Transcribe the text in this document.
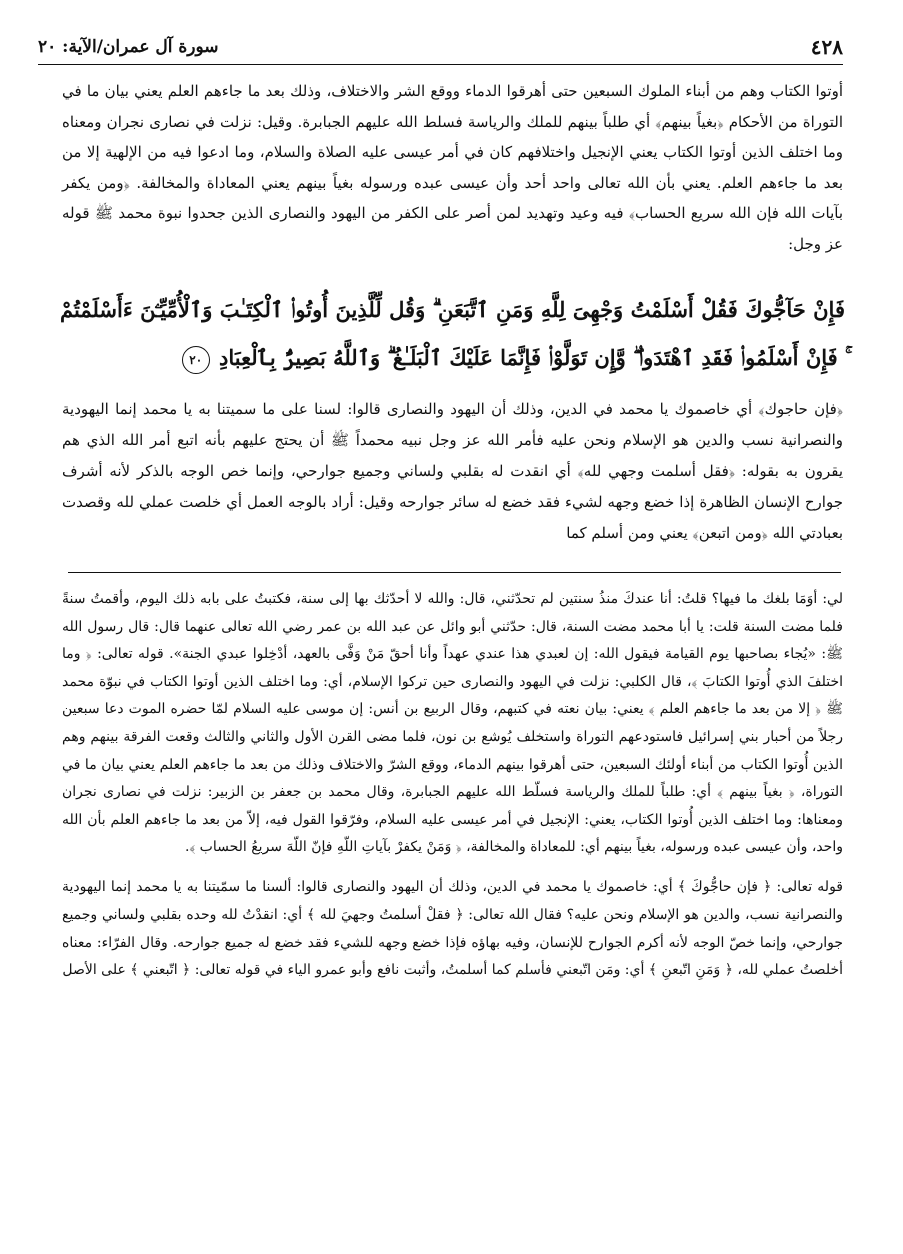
٤٢٨
سورة آل عمران/الآية: ٢٠

أوتوا الكتاب وهم من أبناء الملوك السبعين حتى أهرقوا الدماء ووقع الشر والاختلاف، وذلك بعد ما جاءهم العلم يعني بيان ما في التوراة من الأحكام ﴿بغياً بينهم﴾ أي طلباً بينهم للملك والرياسة فسلط الله عليهم الجبابرة. وقيل: نزلت في نصارى نجران ومعناه وما اختلف الذين أوتوا الكتاب يعني الإنجيل واختلافهم كان في أمر عيسى عليه الصلاة والسلام، وما ادعوا فيه من الإلهية إلا من بعد ما جاءهم العلم. يعني بأن الله تعالى واحد أحد وأن عيسى عبده ورسوله بغياً بينهم يعني المعاداة والمخالفة. ﴿ومن يكفر بآيات الله فإن الله سريع الحساب﴾ فيه وعيد وتهديد لمن أصر على الكفر من اليهود والنصارى الذين جحدوا نبوة محمد ﷺ قوله عز وجل:

فَإِنْ حَآجُّوكَ فَقُلْ أَسْلَمْتُ وَجْهِىَ لِلَّهِ وَمَنِ ٱتَّبَعَنِ ۗ وَقُل لِّلَّذِينَ أُوتُوا۟ ٱلْكِتَـٰبَ وَٱلْأُمِّيِّـۧنَ ءَأَسْلَمْتُمْ ۚ فَإِنْ أَسْلَمُوا۟ فَقَدِ ٱهْتَدَوا۟ ۖ وَّإِن تَوَلَّوْا۟ فَإِنَّمَا عَلَيْكَ ٱلْبَلَـٰغُ ۗ وَٱللَّهُ بَصِيرٌۢ بِٱلْعِبَادِ ٢٠

﴿فإن حاجوك﴾ أي خاصموك يا محمد في الدين، وذلك أن اليهود والنصارى قالوا: لسنا على ما سميتنا به يا محمد إنما اليهودية والنصرانية نسب والدين هو الإسلام ونحن عليه فأمر الله عز وجل نبيه محمداً ﷺ أن يحتج عليهم بأنه اتبع أمر الله الذي هم يقرون به بقوله: ﴿فقل أسلمت وجهي لله﴾ أي انقدت له بقلبي ولساني وجميع جوارحي، وإنما خص الوجه بالذكر لأنه أشرف جوارح الإنسان الظاهرة إذا خضع وجهه لشيء فقد خضع له سائر جوارحه وقيل: أراد بالوجه العمل أي خلصت عملي لله وقصدت بعبادتي الله ﴿ومن اتبعن﴾ يعني ومن أسلم كما

لي: أوَمَا بلغك ما فيها؟ قلتُ: أنا عندكَ منذُ سنتين لم تحدّثني، قال: والله لا أحدّثك بها إلى سنة، فكتبتُ على بابه ذلك اليوم، وأقمتُ سنةً فلما مضت السنة قلت: يا أبا محمد مضت السنة، قال: حدّثني أبو وائل عن عبد الله بن عمر رضي الله تعالى عنهما قال: قال رسول الله ﷺ: «يُجاء بصاحبها يوم القيامة فيقول الله: إن لعبدي هذا عندي عهداً وأنا أحقّ مَنْ وَفَّى بالعهد، أدْخِلوا عبدي الجنة». قوله تعالى: ﴿ وما اختلفَ الذي أُوتوا الكتابَ ﴾، قال الكلبي: نزلت في اليهود والنصارى حين تركوا الإسلام، أي: وما اختلف الذين أوتوا الكتاب في نبوّة محمد ﷺ ﴿ إلا من بعد ما جاءهم العلم ﴾ يعني: بيان نعته في كتبهم، وقال الربيع بن أنس: إن موسى عليه السلام لمّا حضره الموت دعا سبعين رجلاً من أحبار بني إسرائيل فاستودعهم التوراة واستخلف يُوشع بن نون، فلما مضى القرن الأول والثاني والثالث وقعت الفرقة بينهم وهم الذين أُوتوا الكتاب من أبناء أولئك السبعين، حتى أهرقوا بينهم الدماء، ووقع الشرّ والاختلاف وذلك من بعد ما جاءهم العلم يعني بيان ما في التوراة، ﴿ بغياً بينهم ﴾ أي: طلباً للملك والرياسة فسلّط الله عليهم الجبابرة، وقال محمد بن جعفر بن الزبير: نزلت في نصارى نجران ومعناها: وما اختلف الذين أُوتوا الكتاب، يعني: الإنجيل في أمر عيسى عليه السلام، وفرّقوا القول فيه، إلاّ من بعد ما جاءهم العلم بأن الله واحد، وأن عيسى عبده ورسوله، بغياً بينهم أي: للمعاداة والمخالفة، ﴿ وَمَنْ يكفرْ بآياتِ اللّهِ فإنّ اللّهَ سريعُ الحساب ﴾.

قوله تعالى: ﴿ فإن حاجُّوكَ ﴾ أي: خاصموك يا محمد في الدين، وذلك أن اليهود والنصارى قالوا: ألسنا ما سمّيتنا به يا محمد إنما اليهودية والنصرانية نسب، والدين هو الإسلام ونحن عليه؟ فقال الله تعالى: ﴿ فقلْ أسلمتُ وجهيَ لله ﴾ أي: انقدْتُ لله وحده بقلبي ولساني وجميع جوارحي، وإنما خصّ الوجه لأنه أكرم الجوارح للإنسان، وفيه بهاؤه فإذا خضع وجهه للشيء فقد خضع له جميع جوارحه. وقال الفرّاء: معناه أخلصتُ عملي لله، ﴿ وَمَنِ اتّبعنِ ﴾ أي: ومَن اتّبعني فأسلم كما أسلمتُ، وأثبت نافع وأبو عمرو الياء في قوله تعالى: ﴿ اتّبعني ﴾ على الأصل
